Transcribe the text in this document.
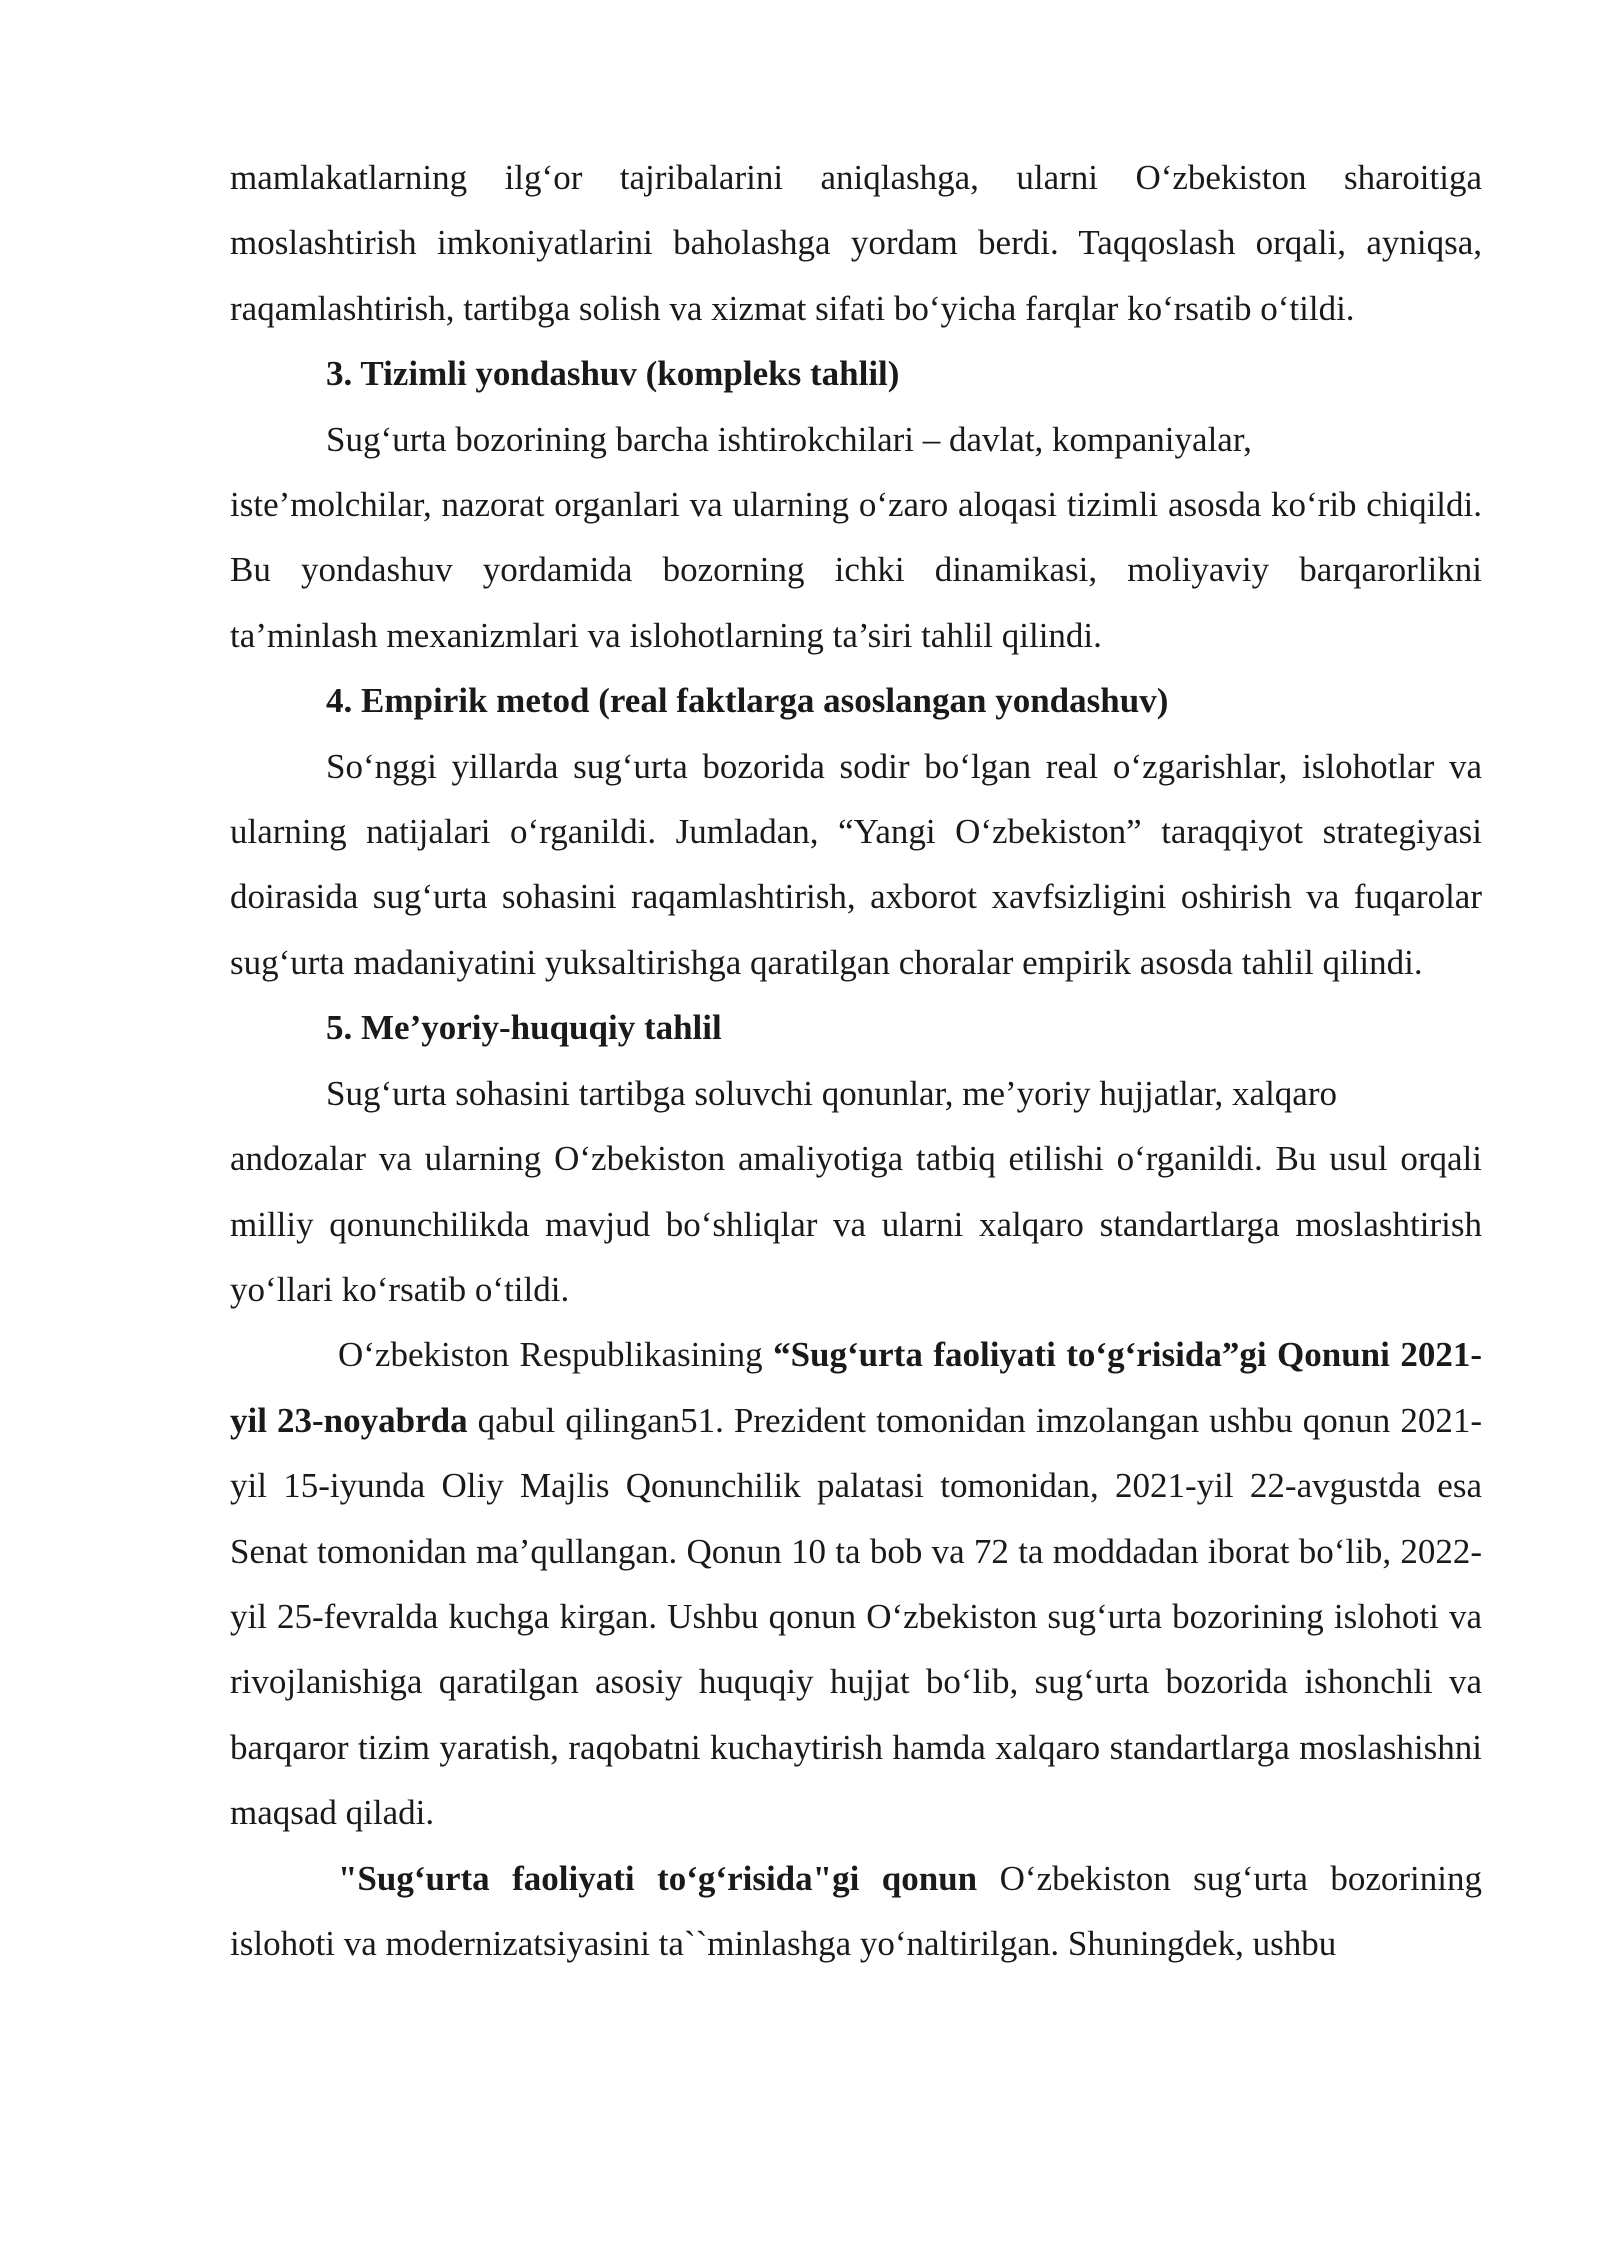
mamlakatlarning ilg‘or tajribalarini aniqlashga, ularni O‘zbekiston sharoitiga moslashtirish imkoniyatlarini baholashga yordam berdi. Taqqoslash orqali, ayniqsa, raqamlashtirish, tartibga solish va xizmat sifati bo‘yicha farqlar ko‘rsatib o‘tildi.

3. Tizimli yondashuv (kompleks tahlil)

Sug‘urta bozorining barcha ishtirokchilari – davlat, kompaniyalar,

iste’molchilar, nazorat organlari va ularning o‘zaro aloqasi tizimli asosda ko‘rib chiqildi. Bu yondashuv yordamida bozorning ichki dinamikasi, moliyaviy barqarorlikni ta’minlash mexanizmlari va islohotlarning ta’siri tahlil qilindi.

4. Empirik metod (real faktlarga asoslangan yondashuv)

So‘nggi yillarda sug‘urta bozorida sodir bo‘lgan real o‘zgarishlar, islohotlar va ularning natijalari o‘rganildi. Jumladan, “Yangi O‘zbekiston” taraqqiyot strategiyasi doirasida sug‘urta sohasini raqamlashtirish, axborot xavfsizligini oshirish va fuqarolar sug‘urta madaniyatini yuksaltirishga qaratilgan choralar empirik asosda tahlil qilindi.

5. Me’yoriy-huquqiy tahlil

Sug‘urta sohasini tartibga soluvchi qonunlar, me’yoriy hujjatlar, xalqaro

andozalar va ularning O‘zbekiston amaliyotiga tatbiq etilishi o‘rganildi. Bu usul orqali milliy qonunchilikda mavjud bo‘shliqlar va ularni xalqaro standartlarga moslashtirish yo‘llari ko‘rsatib o‘tildi.

O‘zbekiston Respublikasining “Sug‘urta faoliyati to‘g‘risida”gi Qonuni 2021-yil 23-noyabrda qabul qilingan51. Prezident tomonidan imzolangan ushbu qonun 2021-yil 15-iyunda Oliy Majlis Qonunchilik palatasi tomonidan, 2021-yil 22-avgustda esa Senat tomonidan ma’qullangan. Qonun 10 ta bob va 72 ta moddadan iborat bo‘lib, 2022-yil 25-fevralda kuchga kirgan. Ushbu qonun O‘zbekiston sug‘urta bozorining islohoti va rivojlanishiga qaratilgan asosiy huquqiy hujjat bo‘lib, sug‘urta bozorida ishonchli va barqaror tizim yaratish, raqobatni kuchaytirish hamda xalqaro standartlarga moslashishni maqsad qiladi.

"Sug‘urta faoliyati to‘g‘risida"gi qonun O‘zbekiston sug‘urta bozorining islohoti va modernizatsiyasini ta``minlashga yo‘naltirilgan. Shuningdek, ushbu
